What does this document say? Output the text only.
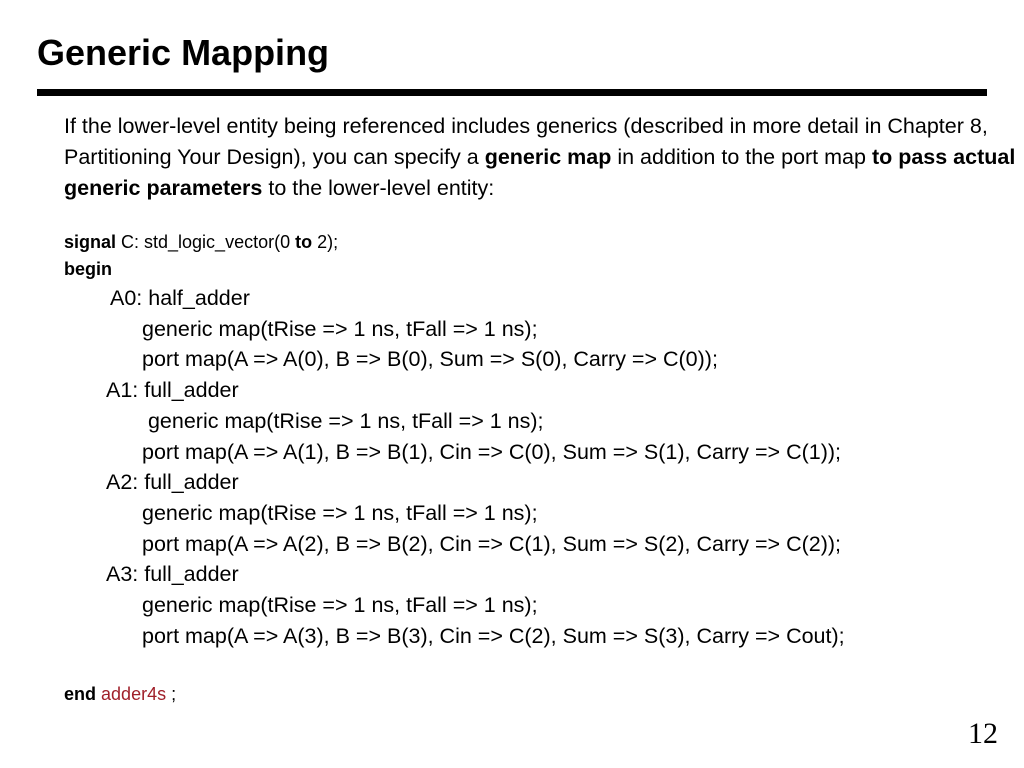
Generic Mapping

If the lower-level entity being referenced includes generics (described in more detail in Chapter 8, Partitioning Your Design), you can specify a generic map in addition to the port map to pass actual generic parameters to the lower-level entity:

signal C: std_logic_vector(0 to 2);

begin

A0: half_adder

generic map(tRise => 1 ns, tFall => 1 ns);

port map(A => A(0), B => B(0), Sum => S(0), Carry => C(0));

A1: full_adder

generic map(tRise => 1 ns, tFall => 1 ns);

port map(A => A(1), B => B(1), Cin => C(0), Sum => S(1), Carry => C(1));

A2: full_adder

generic map(tRise => 1 ns, tFall => 1 ns);

port map(A => A(2), B => B(2), Cin => C(1), Sum => S(2), Carry => C(2));

A3: full_adder

generic map(tRise => 1 ns, tFall => 1 ns);

port map(A => A(3), B => B(3), Cin => C(2), Sum => S(3), Carry => Cout);

end adder4s ;

12
